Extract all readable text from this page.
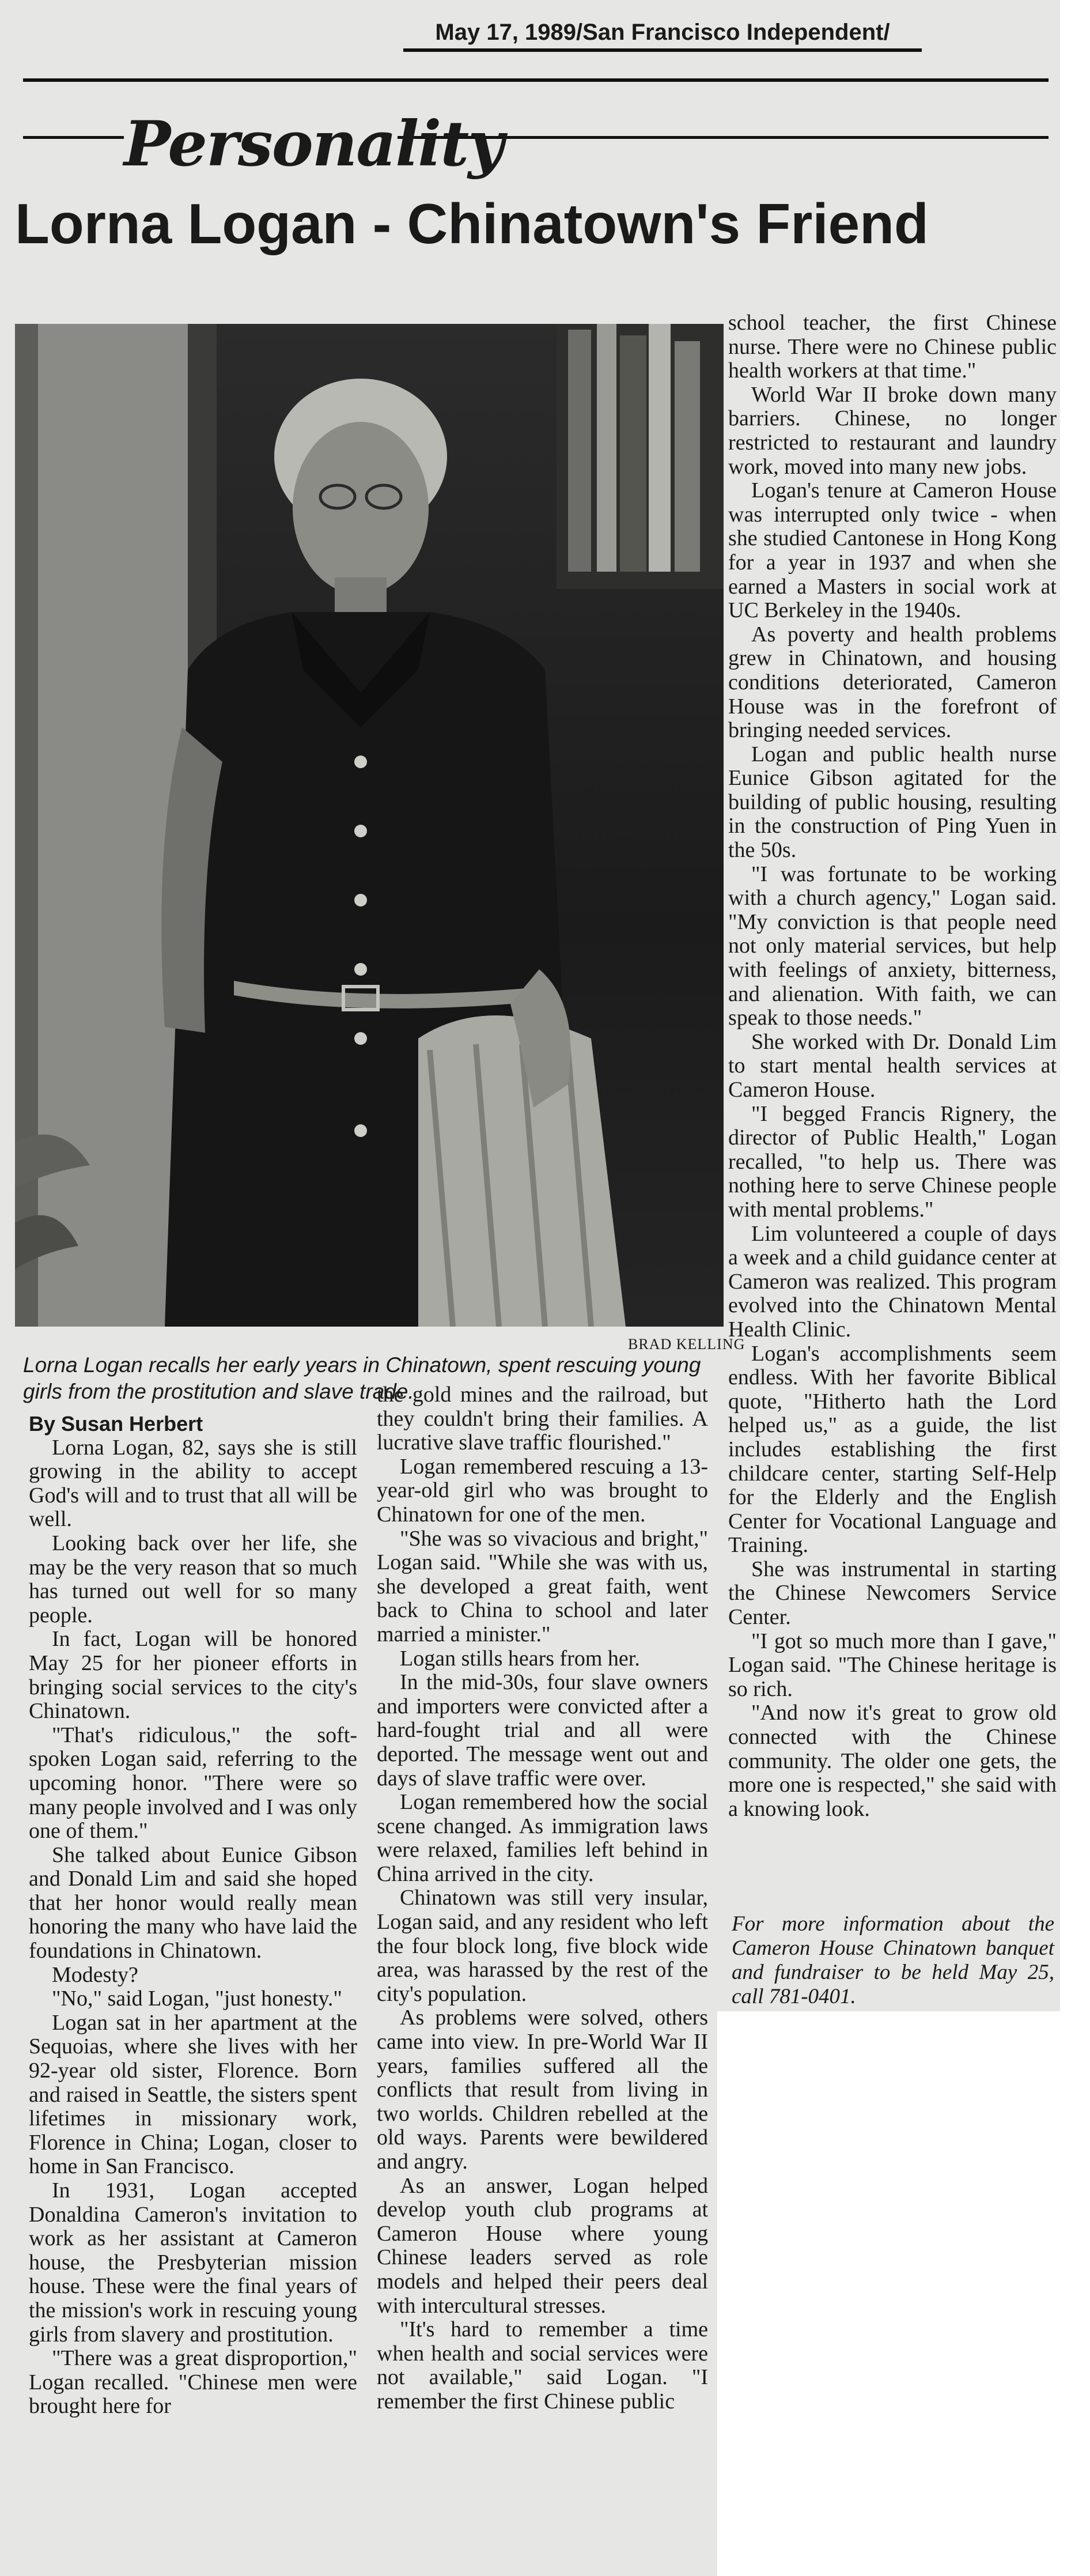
May 17, 1989/San Francisco Independent/
Personality
Lorna Logan - Chinatown's Friend
BRAD KELLING
Lorna Logan recalls her early years in Chinatown, spent rescuing young girls from the prostitution and slave trade.

By Susan Herbert

Lorna Logan, 82, says she is still growing in the ability to accept God's will and to trust that all will be well.

Looking back over her life, she may be the very reason that so much has turned out well for so many people.

In fact, Logan will be honored May 25 for her pioneer efforts in bringing social services to the city's Chinatown.

"That's ridiculous," the soft-spoken Logan said, referring to the upcoming honor. "There were so many people involved and I was only one of them."

She talked about Eunice Gibson and Donald Lim and said she hoped that her honor would really mean honoring the many who have laid the foundations in Chinatown.

Modesty?

"No," said Logan, "just honesty."

Logan sat in her apartment at the Sequoias, where she lives with her 92-year old sister, Florence. Born and raised in Seattle, the sisters spent lifetimes in missionary work, Florence in China; Logan, closer to home in San Francisco.

In 1931, Logan accepted Donaldina Cameron's invitation to work as her assistant at Cameron house, the Presbyterian mission house. These were the final years of the mission's work in rescuing young girls from slavery and prostitution.

"There was a great disproportion," Logan recalled. "Chinese men were brought here for

the gold mines and the railroad, but they couldn't bring their families. A lucrative slave traffic flourished."

Logan remembered rescuing a 13-year-old girl who was brought to Chinatown for one of the men.

"She was so vivacious and bright," Logan said. "While she was with us, she developed a great faith, went back to China to school and later married a minister."

Logan stills hears from her.

In the mid-30s, four slave owners and importers were convicted after a hard-fought trial and all were deported. The message went out and days of slave traffic were over.

Logan remembered how the social scene changed. As immigration laws were relaxed, families left behind in China arrived in the city.

Chinatown was still very insular, Logan said, and any resident who left the four block long, five block wide area, was harassed by the rest of the city's population.

As problems were solved, others came into view. In pre-World War II years, families suffered all the conflicts that result from living in two worlds. Children rebelled at the old ways. Parents were bewildered and angry.

As an answer, Logan helped develop youth club programs at Cameron House where young Chinese leaders served as role models and helped their peers deal with intercultural stresses.

"It's hard to remember a time when health and social services were not available," said Logan. "I remember the first Chinese public

school teacher, the first Chinese nurse. There were no Chinese public health workers at that time."

World War II broke down many barriers. Chinese, no longer restricted to restaurant and laundry work, moved into many new jobs.

Logan's tenure at Cameron House was interrupted only twice - when she studied Cantonese in Hong Kong for a year in 1937 and when she earned a Masters in social work at UC Berkeley in the 1940s.

As poverty and health problems grew in Chinatown, and housing conditions deteriorated, Cameron House was in the forefront of bringing needed services.

Logan and public health nurse Eunice Gibson agitated for the building of public housing, resulting in the construction of Ping Yuen in the 50s.

"I was fortunate to be working with a church agency," Logan said. "My conviction is that people need not only material services, but help with feelings of anxiety, bitterness, and alienation. With faith, we can speak to those needs."

She worked with Dr. Donald Lim to start mental health services at Cameron House.

"I begged Francis Rignery, the director of Public Health," Logan recalled, "to help us. There was nothing here to serve Chinese people with mental problems."

Lim volunteered a couple of days a week and a child guidance center at Cameron was realized. This program evolved into the Chinatown Mental Health Clinic.

Logan's accomplishments seem endless. With her favorite Biblical quote, "Hitherto hath the Lord helped us," as a guide, the list includes establishing the first childcare center, starting Self-Help for the Elderly and the English Center for Vocational Language and Training.

She was instrumental in starting the Chinese Newcomers Service Center.

"I got so much more than I gave," Logan said. "The Chinese heritage is so rich.

"And now it's great to grow old connected with the Chinese community. The older one gets, the more one is respected," she said with a knowing look.

For more information about the Cameron House Chinatown banquet and fundraiser to be held May 25, call 781-0401.
